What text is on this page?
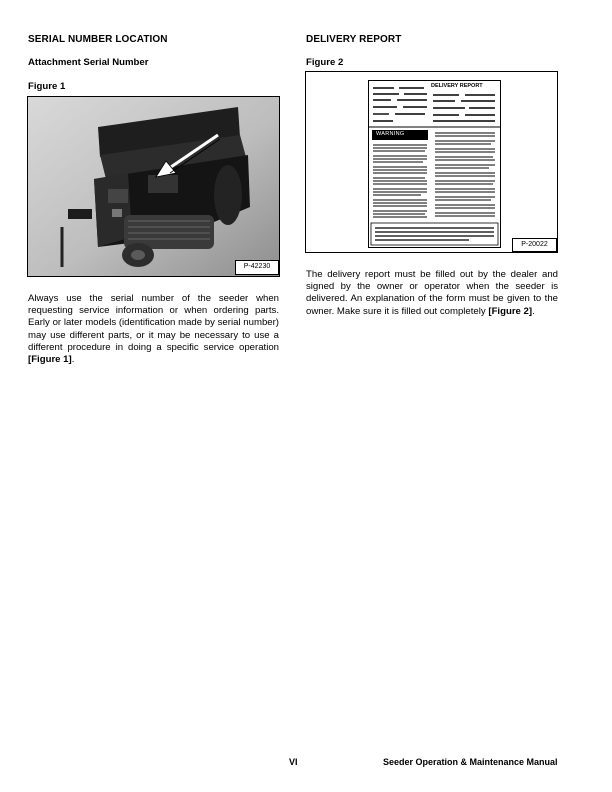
SERIAL NUMBER LOCATION
Attachment Serial Number
Figure 1
P-42230
Always use the serial number of the seeder when requesting service information or when ordering parts. Early or later models (identification made by serial number) may use different parts, or it may be necessary to use a different procedure in doing a specific service operation [Figure 1].
DELIVERY REPORT
Figure 2
DELIVERY REPORT
WARNING
P-20022
The delivery report must be filled out by the dealer and signed by the owner or operator when the seeder is delivered. An explanation of the form must be given to the owner. Make sure it is filled out completely [Figure 2].
VI	Seeder Operation & Maintenance Manual
